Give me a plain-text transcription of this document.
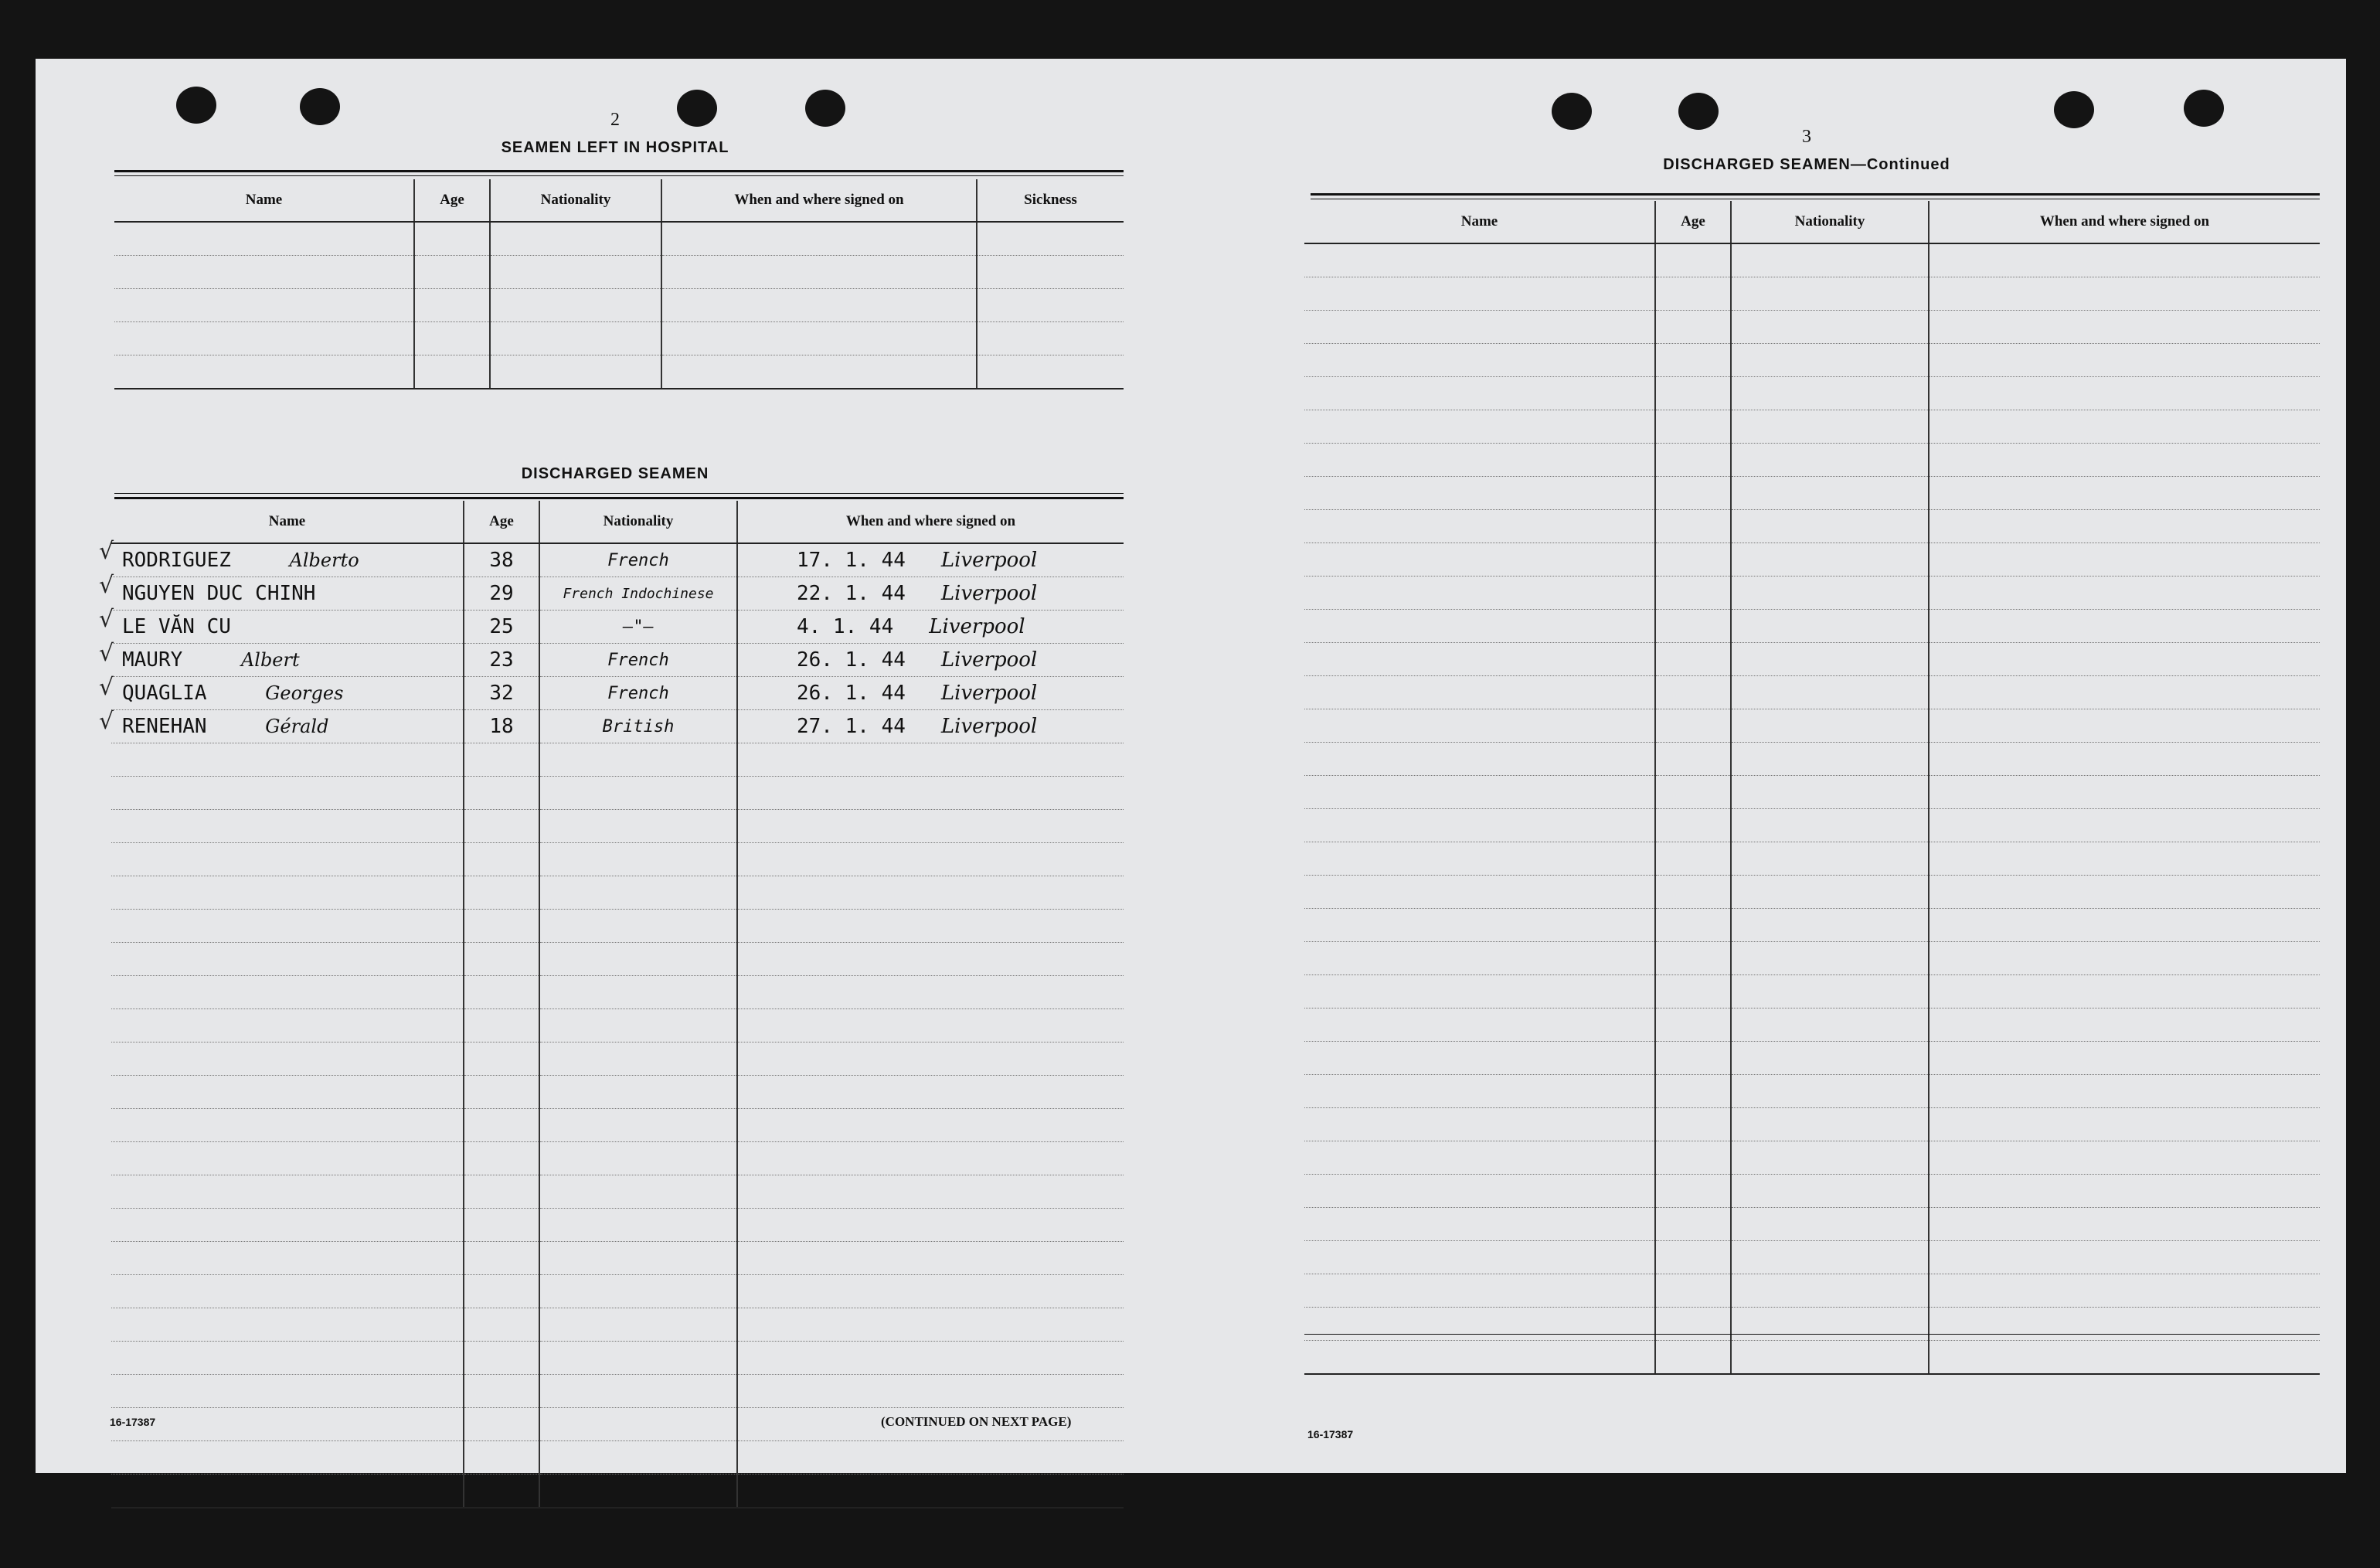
2
SEAMEN LEFT IN HOSPITAL
Name	Age	Nationality	When and where signed on	Sickness

DISCHARGED SEAMEN
Name	Age	Nationality	When and where signed on
RODRIGUEZ Alberto	38	French	17. 1. 44 Liverpool
NGUYEN DUC CHINH	29	French Indochinese	22. 1. 44 Liverpool
LE VĂN CU	25	—"—	4. 1. 44 Liverpool
MAURY Albert	23	French	26. 1. 44 Liverpool
QUAGLIA Georges	32	French	26. 1. 44 Liverpool
RENEHAN Gérald	18	British	27. 1. 44 Liverpool

√
√
√
√
√
√
16-17387	(CONTINUED ON NEXT PAGE)
3
DISCHARGED SEAMEN—Continued
Name	Age	Nationality	When and where signed on

16-17387
